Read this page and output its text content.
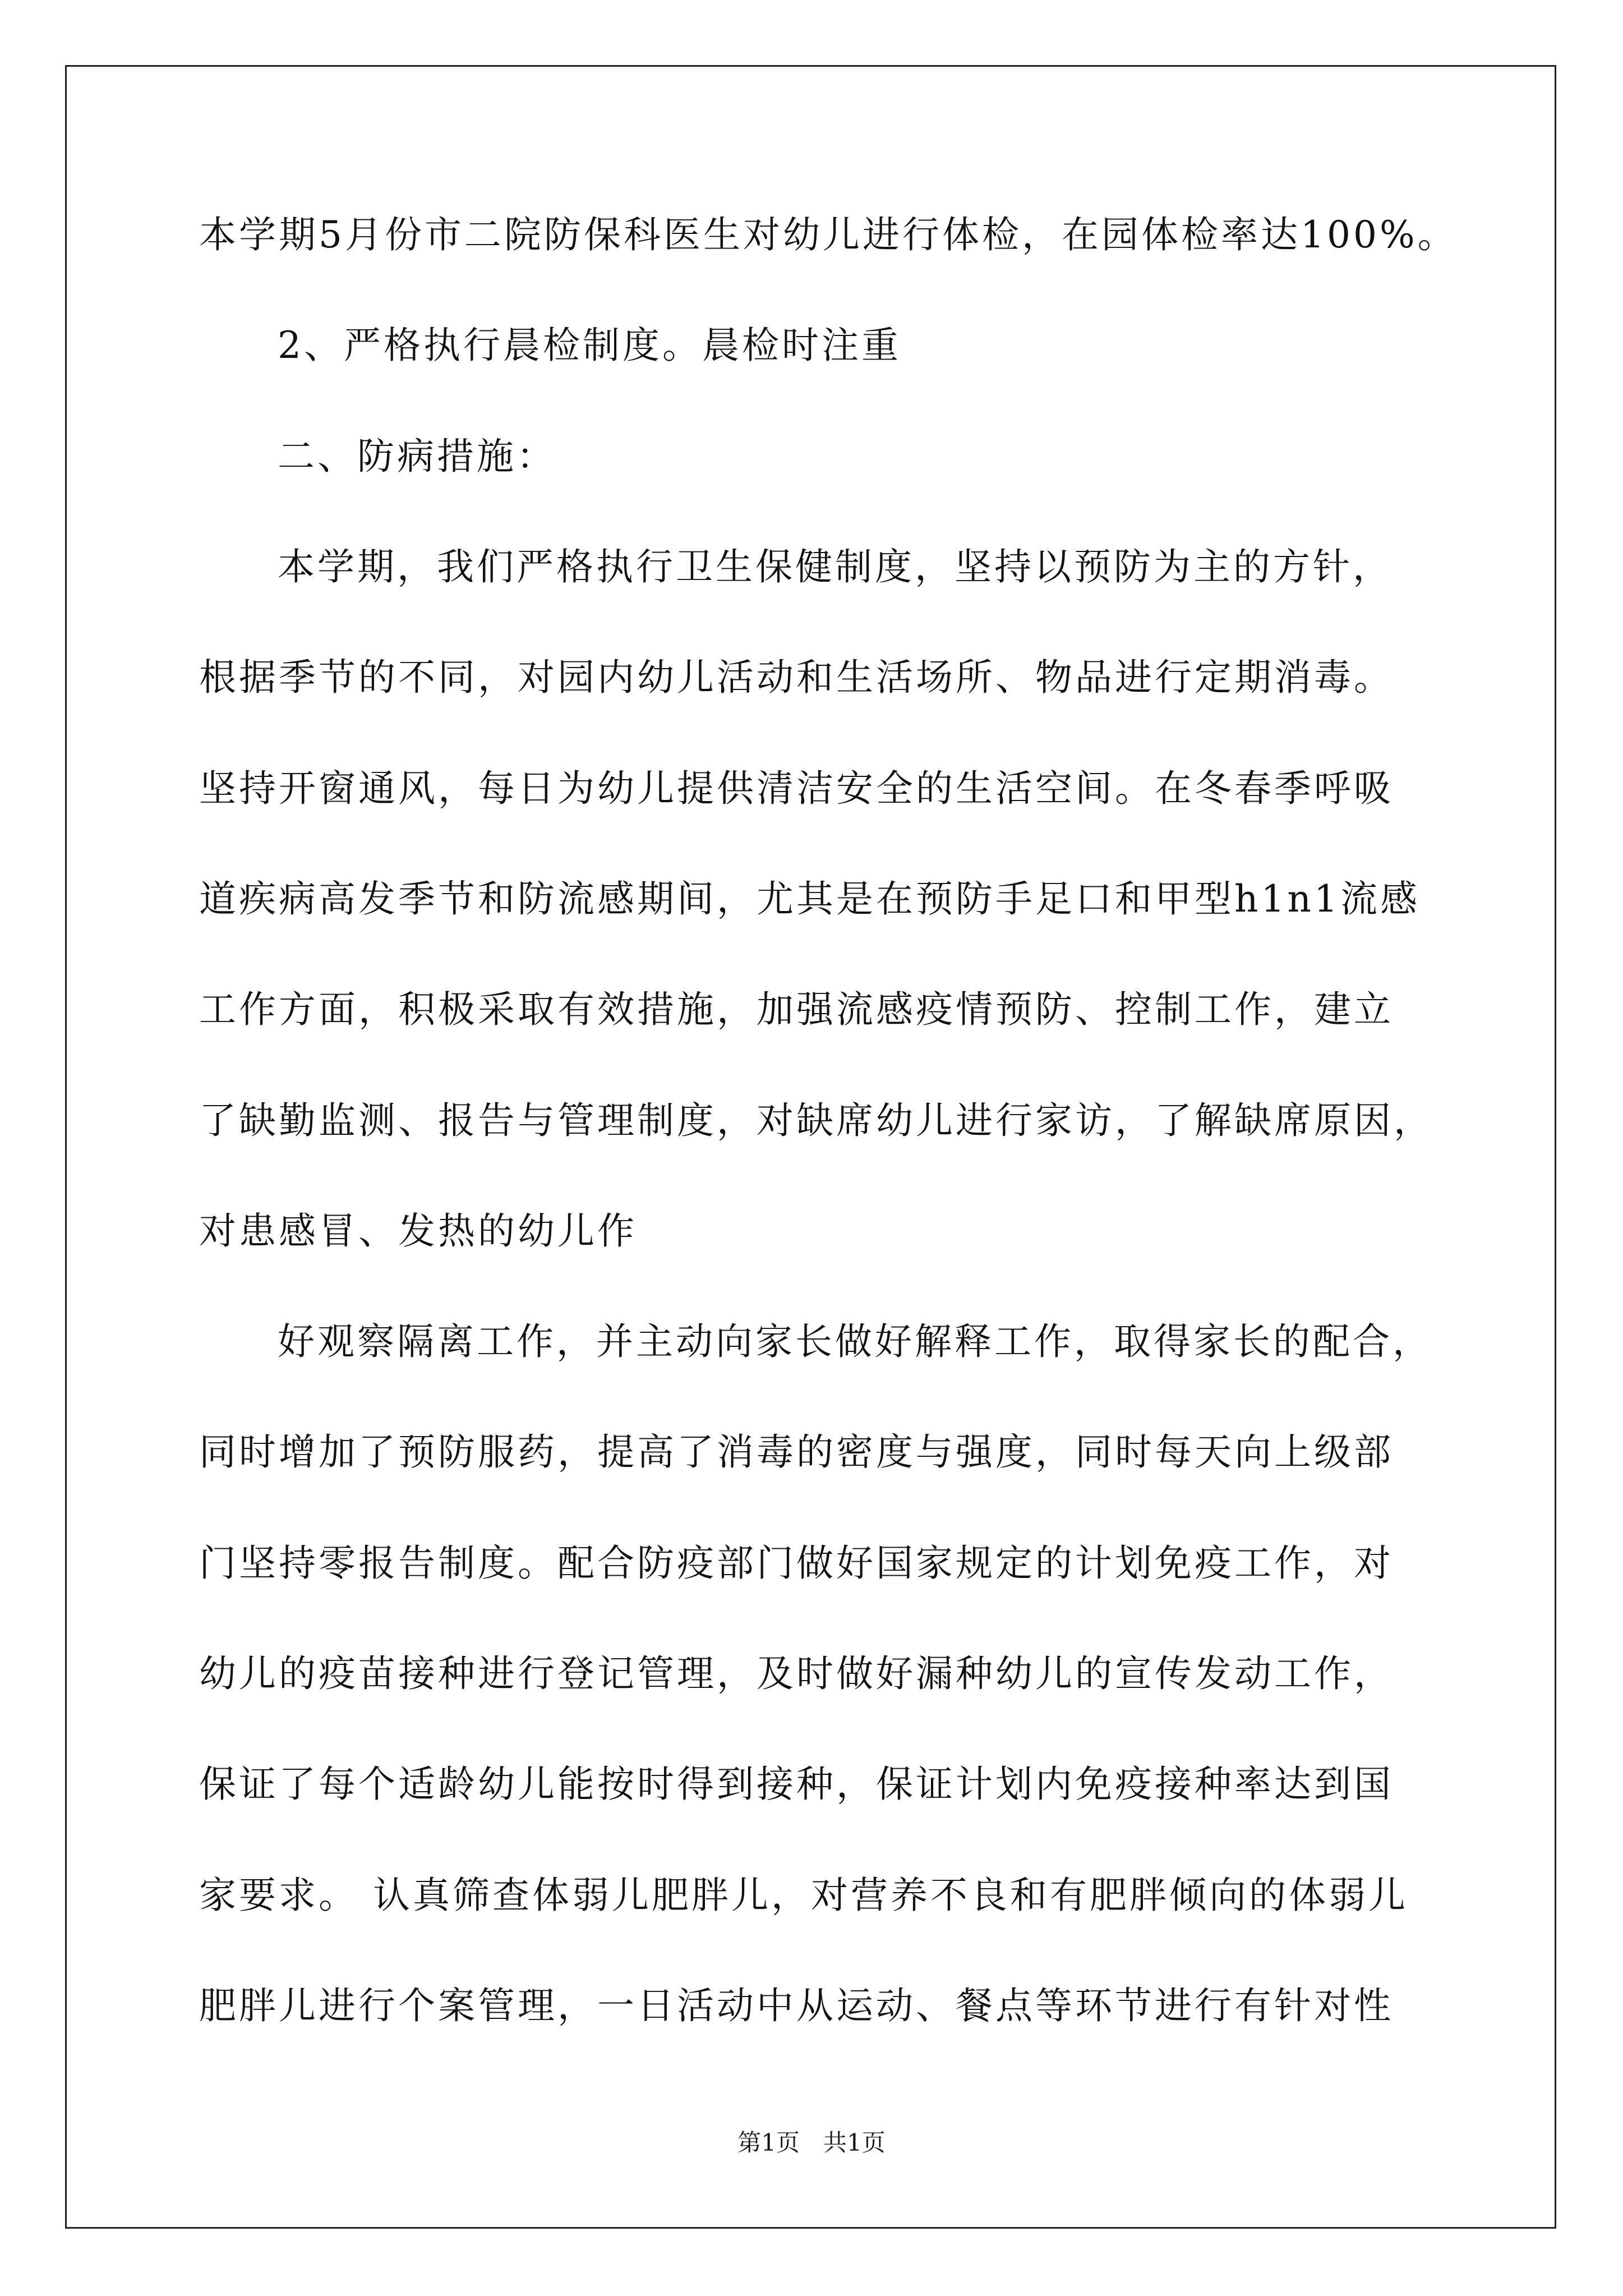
本学期5月份市二院防保科医生对幼儿进行体检，在园体检率达100%。
2、严格执行晨检制度。晨检时注重
二、防病措施：
本学期，我们严格执行卫生保健制度，坚持以预防为主的方针，
根据季节的不同，对园内幼儿活动和生活场所、物品进行定期消毒。
坚持开窗通风，每日为幼儿提供清洁安全的生活空间。在冬春季呼吸
道疾病高发季节和防流感期间，尤其是在预防手足口和甲型h1n1流感
工作方面，积极采取有效措施，加强流感疫情预防、控制工作，建立
了缺勤监测、报告与管理制度，对缺席幼儿进行家访，了解缺席原因，
对患感冒、发热的幼儿作
好观察隔离工作，并主动向家长做好解释工作，取得家长的配合，
同时增加了预防服药，提高了消毒的密度与强度，同时每天向上级部
门坚持零报告制度。配合防疫部门做好国家规定的计划免疫工作，对
幼儿的疫苗接种进行登记管理，及时做好漏种幼儿的宣传发动工作，
保证了每个适龄幼儿能按时得到接种，保证计划内免疫接种率达到国
家要求。 认真筛查体弱儿肥胖儿，对营养不良和有肥胖倾向的体弱儿
肥胖儿进行个案管理，一日活动中从运动、餐点等环节进行有针对性
第1页　共1页
